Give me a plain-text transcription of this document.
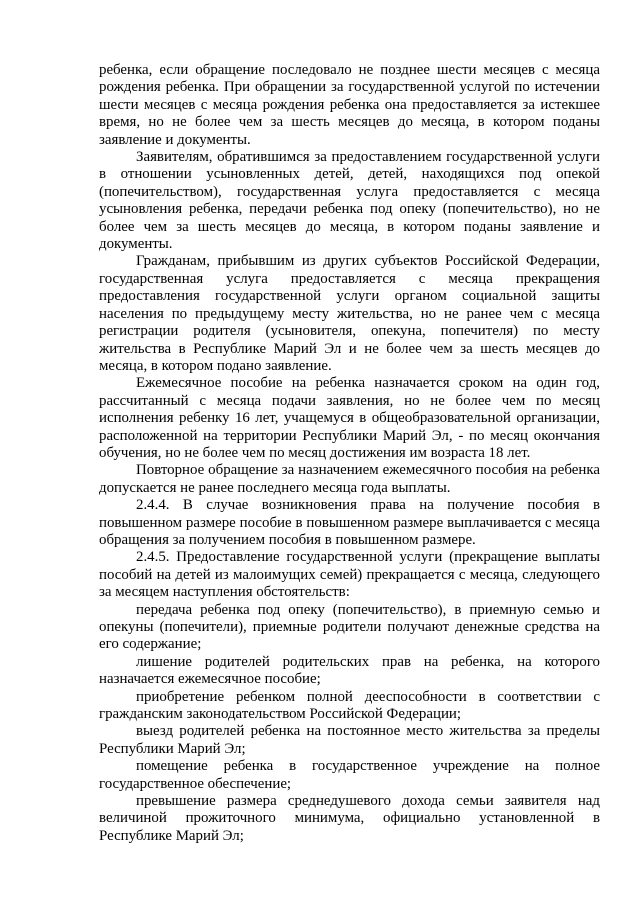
ребенка, если обращение последовало не позднее шести месяцев с месяца рождения ребенка. При обращении за государственной услугой по истечении шести месяцев с месяца рождения ребенка она предоставляется за истекшее время, но не более чем за шесть месяцев до месяца, в котором поданы заявление и документы.

Заявителям, обратившимся за предоставлением государственной услуги в отношении усыновленных детей, детей, находящихся под опекой (попечительством), государственная услуга предоставляется с месяца усыновления ребенка, передачи ребенка под опеку (попечительство), но не более чем за шесть месяцев до месяца, в котором поданы заявление и документы.

Гражданам, прибывшим из других субъектов Российской Федерации, государственная услуга предоставляется с месяца прекращения предоставления государственной услуги органом социальной защиты населения по предыдущему месту жительства, но не ранее чем с месяца регистрации родителя (усыновителя, опекуна, попечителя) по месту жительства в Республике Марий Эл и не более чем за шесть месяцев до месяца, в котором подано заявление.

Ежемесячное пособие на ребенка назначается сроком на один год, рассчитанный с месяца подачи заявления, но не более чем по месяц исполнения ребенку 16 лет, учащемуся в общеобразовательной организации, расположенной на территории Республики Марий Эл, - по месяц окончания обучения, но не более чем по месяц достижения им возраста 18 лет.

Повторное обращение за назначением ежемесячного пособия на ребенка допускается не ранее последнего месяца года выплаты.

2.4.4. В случае возникновения права на получение пособия в повышенном размере пособие в повышенном размере выплачивается с месяца обращения за получением пособия в повышенном размере.

2.4.5. Предоставление государственной услуги (прекращение выплаты пособий на детей из малоимущих семей) прекращается с месяца, следующего за месяцем наступления обстоятельств:

передача ребенка под опеку (попечительство), в приемную семью и опекуны (попечители), приемные родители получают денежные средства на его содержание;

лишение родителей родительских прав на ребенка, на которого назначается ежемесячное пособие;

приобретение ребенком полной дееспособности в соответствии с гражданским законодательством Российской Федерации;

выезд родителей ребенка на постоянное место жительства за пределы Республики Марий Эл;

помещение ребенка в государственное учреждение на полное государственное обеспечение;

превышение размера среднедушевого дохода семьи заявителя над величиной прожиточного минимума, официально установленной в Республике Марий Эл;
